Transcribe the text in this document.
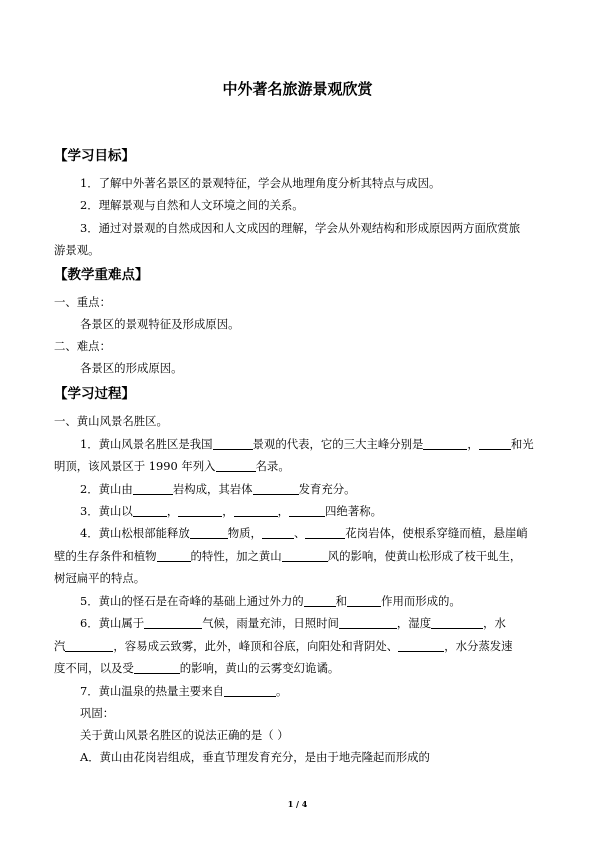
中外著名旅游景观欣赏
【学习目标】
1．了解中外著名景区的景观特征，学会从地理角度分析其特点与成因。
2．理解景观与自然和人文环境之间的关系。
3．通过对景观的自然成因和人文成因的理解，学会从外观结构和形成原因两方面欣赏旅
游景观。
【教学重难点】
一、重点：
各景区的景观特征及形成原因。
二、难点：
各景区的形成原因。
【学习过程】
一、黄山风景名胜区。
1．黄山风景名胜区是我国	景观的代表，它的三大主峰分别是	，	和光
明顶，该风景区于 1990 年列入	名录。
2．黄山由	岩构成，其岩体	发育充分。
3．黄山以	，	，	，	四绝著称。
4．黄山松根部能释放	物质，	、	花岗岩体，使根系穿缝而植，悬崖峭
壁的生存条件和植物	的特性，加之黄山	风的影响，使黄山松形成了枝干虬生，
树冠扁平的特点。
5．黄山的怪石是在奇峰的基础上通过外力的	和	作用而形成的。
6．黄山属于	气候，雨量充沛，日照时间	，湿度	，水
汽	，容易成云致雾，此外，峰顶和谷底，向阳处和背阴处、	，水分蒸发速
度不同，以及受	的影响，黄山的云雾变幻诡谲。
7．黄山温泉的热量主要来自	。
巩固：
关于黄山风景名胜区的说法正确的是（ ）
A．黄山由花岗岩组成，垂直节理发育充分，是由于地壳隆起而形成的
1 / 4
